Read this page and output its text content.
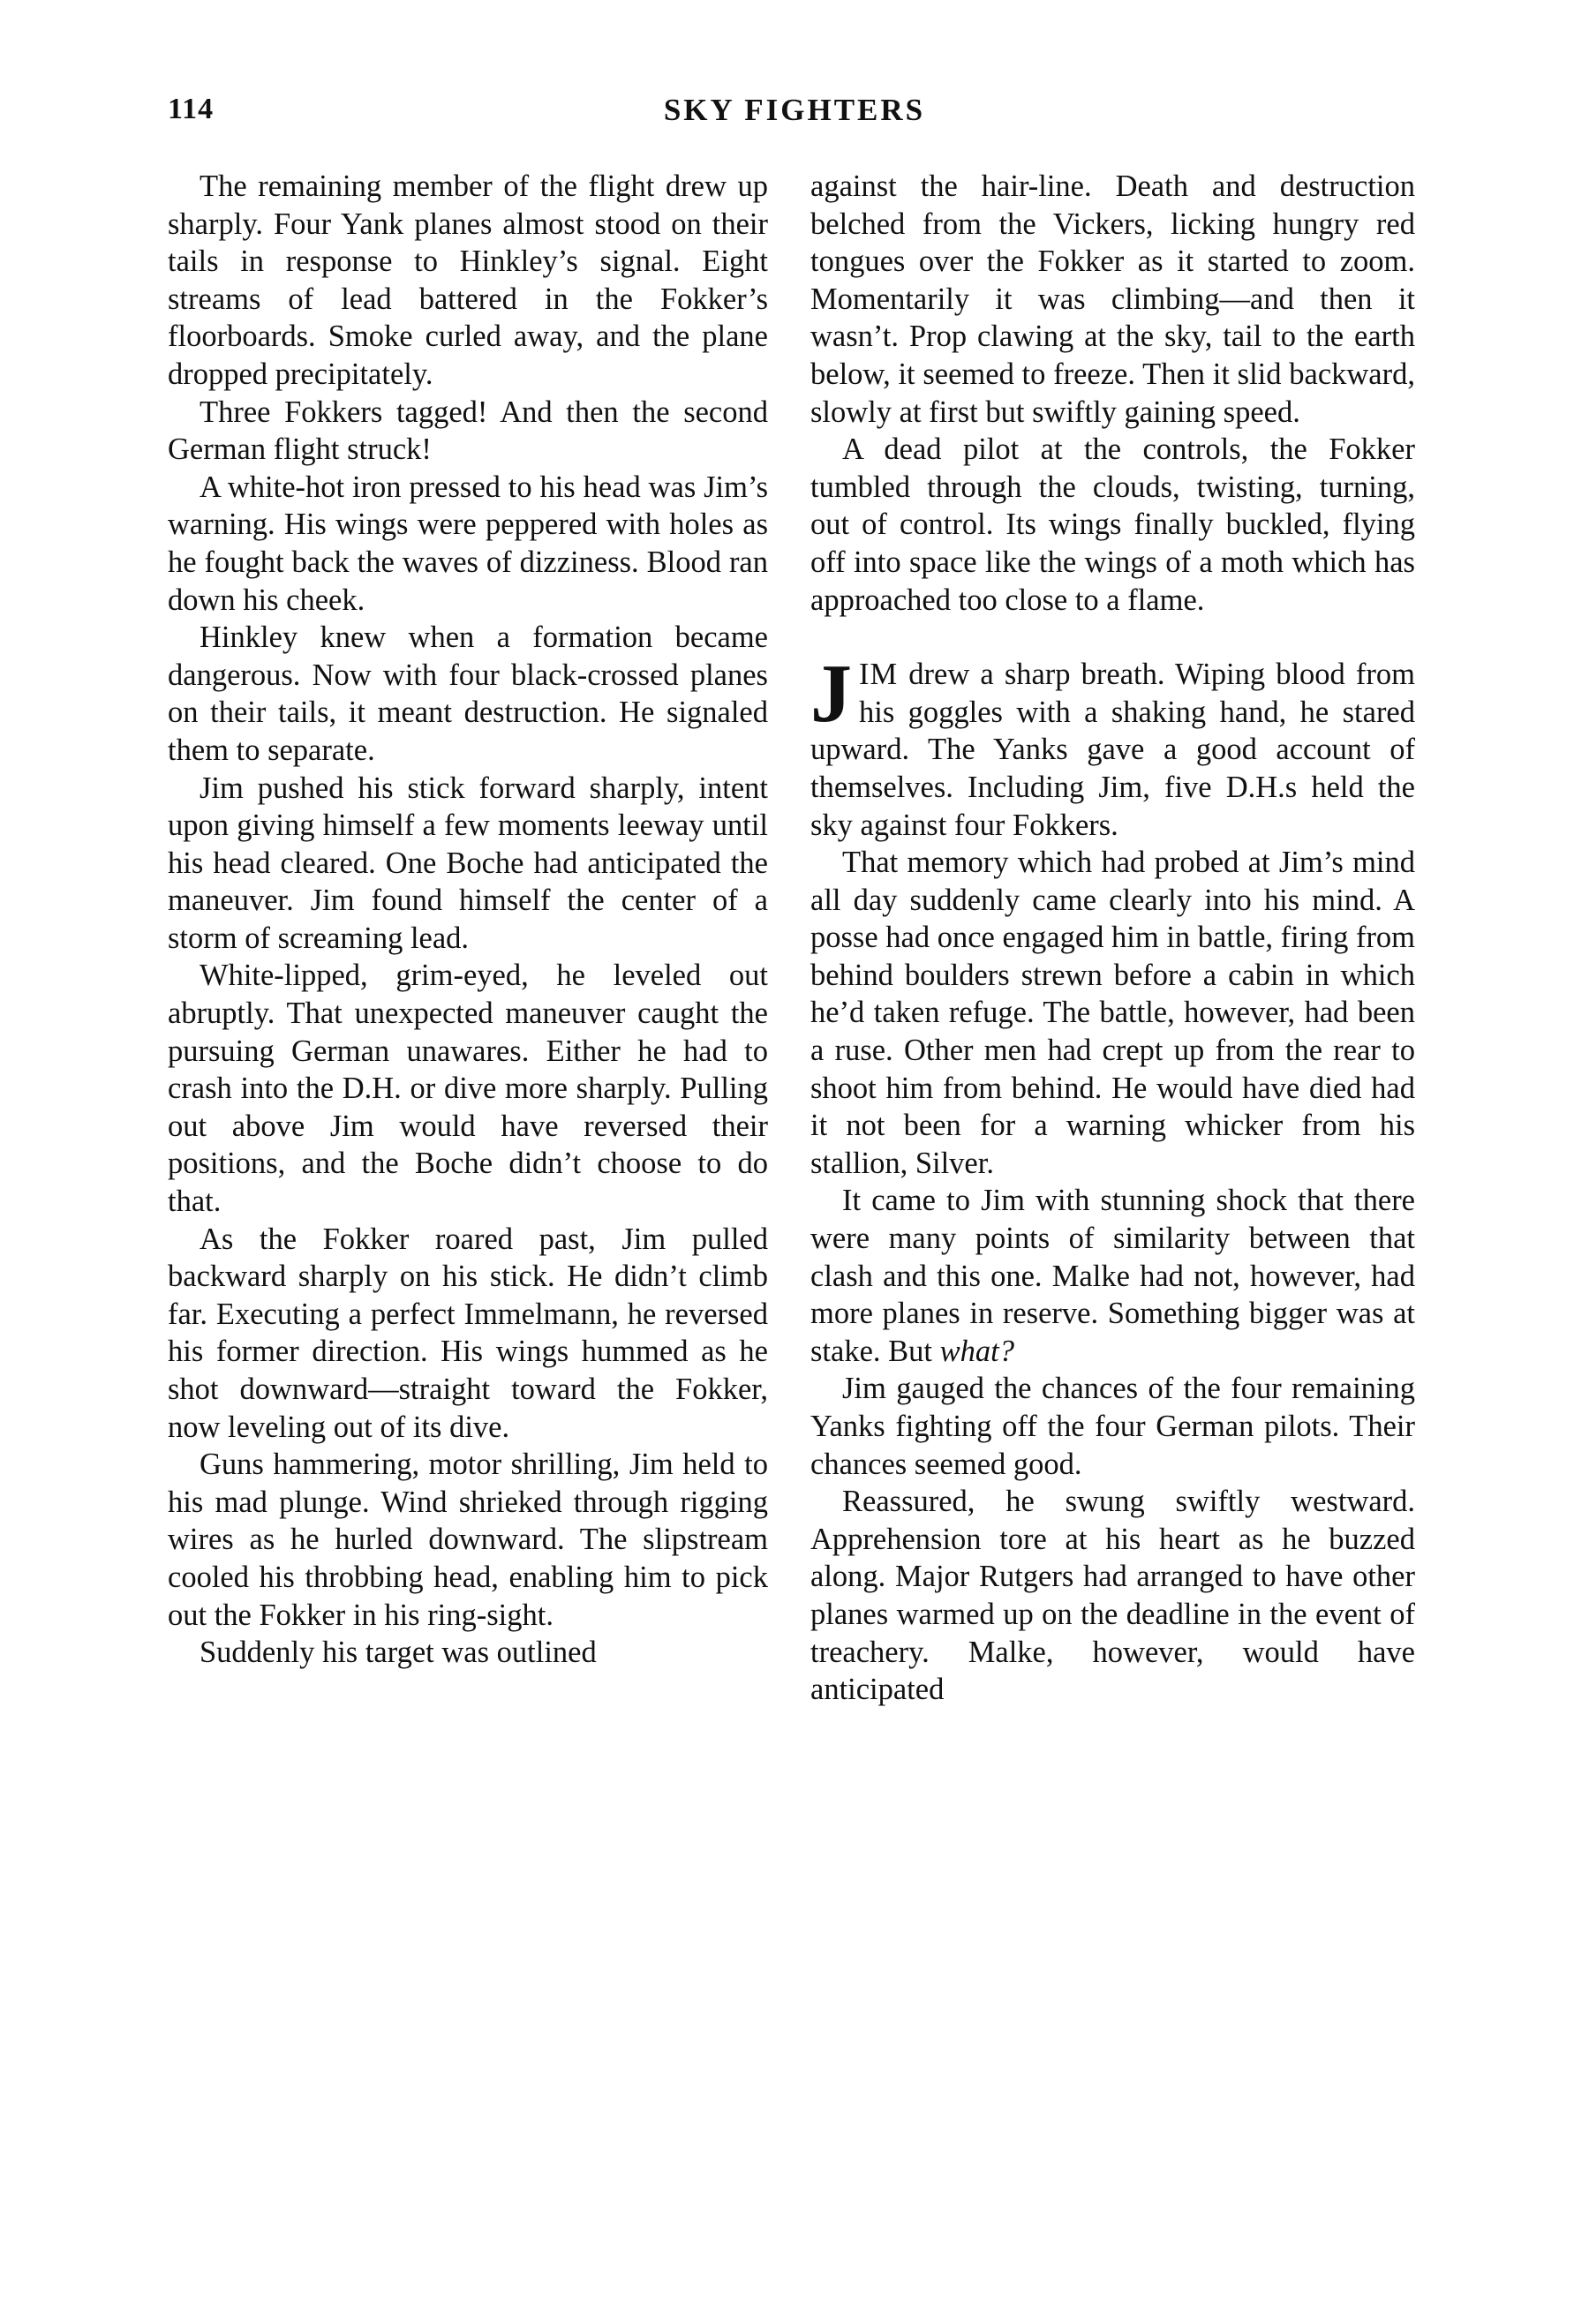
114	SKY FIGHTERS

The remaining member of the flight drew up sharply. Four Yank planes almost stood on their tails in response to Hinkley’s signal. Eight streams of lead battered in the Fokker’s floorboards. Smoke curled away, and the plane dropped precipitately.

Three Fokkers tagged! And then the second German flight struck!

A white-hot iron pressed to his head was Jim’s warning. His wings were peppered with holes as he fought back the waves of dizziness. Blood ran down his cheek.

Hinkley knew when a formation became dangerous. Now with four black-crossed planes on their tails, it meant destruction. He signaled them to separate.

Jim pushed his stick forward sharply, intent upon giving himself a few moments leeway until his head cleared. One Boche had anticipated the maneuver. Jim found himself the center of a storm of screaming lead.

White-lipped, grim-eyed, he leveled out abruptly. That unexpected maneuver caught the pursuing German unawares. Either he had to crash into the D.H. or dive more sharply. Pulling out above Jim would have reversed their positions, and the Boche didn’t choose to do that.

As the Fokker roared past, Jim pulled backward sharply on his stick. He didn’t climb far. Executing a perfect Immelmann, he reversed his former direction. His wings hummed as he shot downward—straight toward the Fokker, now leveling out of its dive.

Guns hammering, motor shrilling, Jim held to his mad plunge. Wind shrieked through rigging wires as he hurled downward. The slipstream cooled his throbbing head, enabling him to pick out the Fokker in his ring-sight.

Suddenly his target was outlined

against the hair-line. Death and destruction belched from the Vickers, licking hungry red tongues over the Fokker as it started to zoom. Momentarily it was climbing—and then it wasn’t. Prop clawing at the sky, tail to the earth below, it seemed to freeze. Then it slid backward, slowly at first but swiftly gaining speed.

A dead pilot at the controls, the Fokker tumbled through the clouds, twisting, turning, out of control. Its wings finally buckled, flying off into space like the wings of a moth which has approached too close to a flame.

JIM drew a sharp breath. Wiping blood from his goggles with a shaking hand, he stared upward. The Yanks gave a good account of themselves. Including Jim, five D.H.s held the sky against four Fokkers.

That memory which had probed at Jim’s mind all day suddenly came clearly into his mind. A posse had once engaged him in battle, firing from behind boulders strewn before a cabin in which he’d taken refuge. The battle, however, had been a ruse. Other men had crept up from the rear to shoot him from behind. He would have died had it not been for a warning whicker from his stallion, Silver.

It came to Jim with stunning shock that there were many points of similarity between that clash and this one. Malke had not, however, had more planes in reserve. Something bigger was at stake. But what?

Jim gauged the chances of the four remaining Yanks fighting off the four German pilots. Their chances seemed good.

Reassured, he swung swiftly westward. Apprehension tore at his heart as he buzzed along. Major Rutgers had arranged to have other planes warmed up on the deadline in the event of treachery. Malke, however, would have anticipated
